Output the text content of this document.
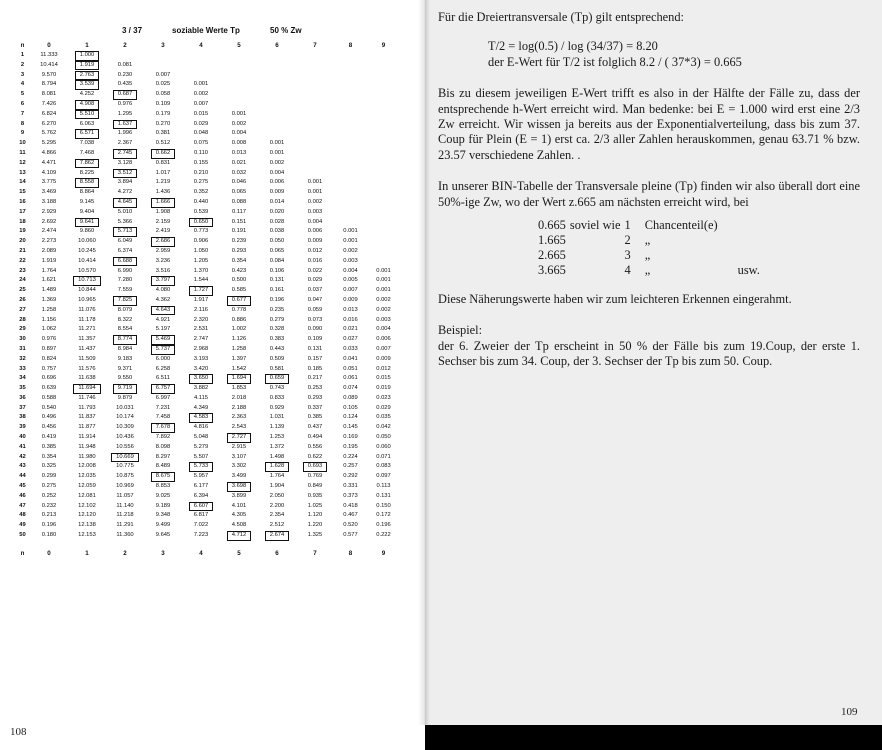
3 / 37	soziable Werte Tp	50 % Zw
n	0	1	2	3	4	5	6	7	8	9
1	11.333	1.000								
2	10.414	1.919	0.081							
3	9.570	2.763	0.230	0.007						
4	8.794	3.539	0.435	0.025	0.001					
5	8.081	4.252	0.687	0.058	0.002					
6	7.426	4.908	0.976	0.109	0.007					
7	6.824	5.510	1.295	0.179	0.015	0.001				
8	6.270	6.063	1.637	0.270	0.029	0.002				
9	5.762	6.571	1.996	0.381	0.048	0.004				
10	5.295	7.038	2.367	0.512	0.075	0.008	0.001			
11	4.866	7.468	2.745	0.662	0.110	0.013	0.001			
12	4.471	7.862	3.128	0.831	0.155	0.021	0.002			
13	4.109	8.225	3.512	1.017	0.210	0.032	0.004			
14	3.775	8.558	3.894	1.219	0.275	0.046	0.006	0.001		
15	3.469	8.864	4.272	1.436	0.352	0.065	0.009	0.001		
16	3.188	9.145	4.645	1.666	0.440	0.088	0.014	0.002		
17	2.929	9.404	5.010	1.908	0.539	0.117	0.020	0.003		
18	2.692	9.641	5.366	2.159	0.650	0.151	0.028	0.004		
19	2.474	9.860	5.713	2.419	0.773	0.191	0.038	0.006	0.001	
20	2.273	10.060	6.049	2.686	0.906	0.239	0.050	0.009	0.001	
21	2.089	10.245	6.374	2.959	1.050	0.293	0.065	0.012	0.002	
22	1.919	10.414	6.688	3.236	1.205	0.354	0.084	0.016	0.003	
23	1.764	10.570	6.990	3.516	1.370	0.423	0.106	0.022	0.004	0.001
24	1.621	10.713	7.280	3.797	1.544	0.500	0.131	0.029	0.005	0.001
25	1.489	10.844	7.559	4.080	1.727	0.585	0.161	0.037	0.007	0.001
26	1.369	10.965	7.825	4.362	1.917	0.677	0.196	0.047	0.009	0.002
27	1.258	11.076	8.079	4.643	2.116	0.778	0.235	0.059	0.013	0.002
28	1.156	11.178	8.322	4.921	2.320	0.886	0.279	0.073	0.016	0.003
29	1.062	11.271	8.554	5.197	2.531	1.002	0.328	0.090	0.021	0.004
30	0.976	11.357	8.774	5.469	2.747	1.126	0.383	0.109	0.027	0.006
31	0.897	11.437	8.984	5.737	2.968	1.258	0.443	0.131	0.033	0.007
32	0.824	11.509	9.183	6.000	3.193	1.397	0.509	0.157	0.041	0.009
33	0.757	11.576	9.371	6.258	3.420	1.542	0.581	0.185	0.051	0.012
34	0.696	11.638	9.550	6.511	3.650	1.694	0.659	0.217	0.061	0.015
35	0.639	11.694	9.719	6.757	3.882	1.853	0.743	0.253	0.074	0.019
36	0.588	11.746	9.879	6.997	4.115	2.018	0.833	0.293	0.089	0.023
37	0.540	11.793	10.031	7.231	4.349	2.188	0.929	0.337	0.105	0.029
38	0.496	11.837	10.174	7.458	4.583	2.363	1.031	0.385	0.124	0.035
39	0.456	11.877	10.309	7.678	4.816	2.543	1.139	0.437	0.145	0.042
40	0.419	11.914	10.436	7.892	5.048	2.727	1.253	0.494	0.169	0.050
41	0.385	11.948	10.556	8.098	5.279	2.915	1.372	0.556	0.195	0.060
42	0.354	11.980	10.669	8.297	5.507	3.107	1.498	0.622	0.224	0.071
43	0.325	12.008	10.775	8.489	5.733	3.302	1.628	0.693	0.257	0.083
44	0.299	12.035	10.875	8.675	5.957	3.499	1.764	0.769	0.292	0.097
45	0.275	12.059	10.969	8.853	6.177	3.698	1.904	0.849	0.331	0.113
46	0.252	12.081	11.057	9.025	6.394	3.899	2.050	0.935	0.373	0.131
47	0.232	12.102	11.140	9.189	6.607	4.101	2.200	1.025	0.418	0.150
48	0.213	12.120	11.218	9.348	6.817	4.305	2.354	1.120	0.467	0.172
49	0.196	12.138	11.291	9.499	7.022	4.508	2.512	1.220	0.520	0.196
50	0.180	12.153	11.360	9.645	7.223	4.712	2.674	1.325	0.577	0.222

n	0	1	2	3	4	5	6	7	8	9
108

Für die Dreiertransversale (Tp) gilt entsprechend:

T/2 = log(0.5) / log (34/37) = 8.20

der E-Wert für T/2 ist folglich 8.2 / ( 37*3) = 0.665

Bis zu diesem jeweiligen E-Wert trifft es also in der Hälfte der Fälle zu, dass der entsprechende h-Wert erreicht wird. Man bedenke: bei E = 1.000 wird erst eine 2/3 Zw erreicht. Wir wissen ja bereits aus der Exponentialverteilung, dass bis zum 37. Coup für Plein (E = 1) erst ca. 2/3 aller Zahlen herauskommen, genau 63.71 % bzw. 23.57 verschiedene Zahlen. .

In unserer BIN-Tabelle der Transversale pleine (Tp) finden wir also überall dort eine 50%-ige Zw, wo der Wert z.665 am nächsten erreicht wird, bei

0.665	soviel wie	1	Chancenteil(e)	
1.665		2	„	
2.665		3	„	
3.665		4	„	usw.

Diese Näherungswerte haben wir zum leichteren Erkennen eingerahmt.

Beispiel:

der 6. Zweier der Tp erscheint in 50 % der Fälle bis zum 19.Coup, der erste 1. Sechser bis zum 34. Coup, der 3. Sechser der Tp bis zum 50. Coup.

109
